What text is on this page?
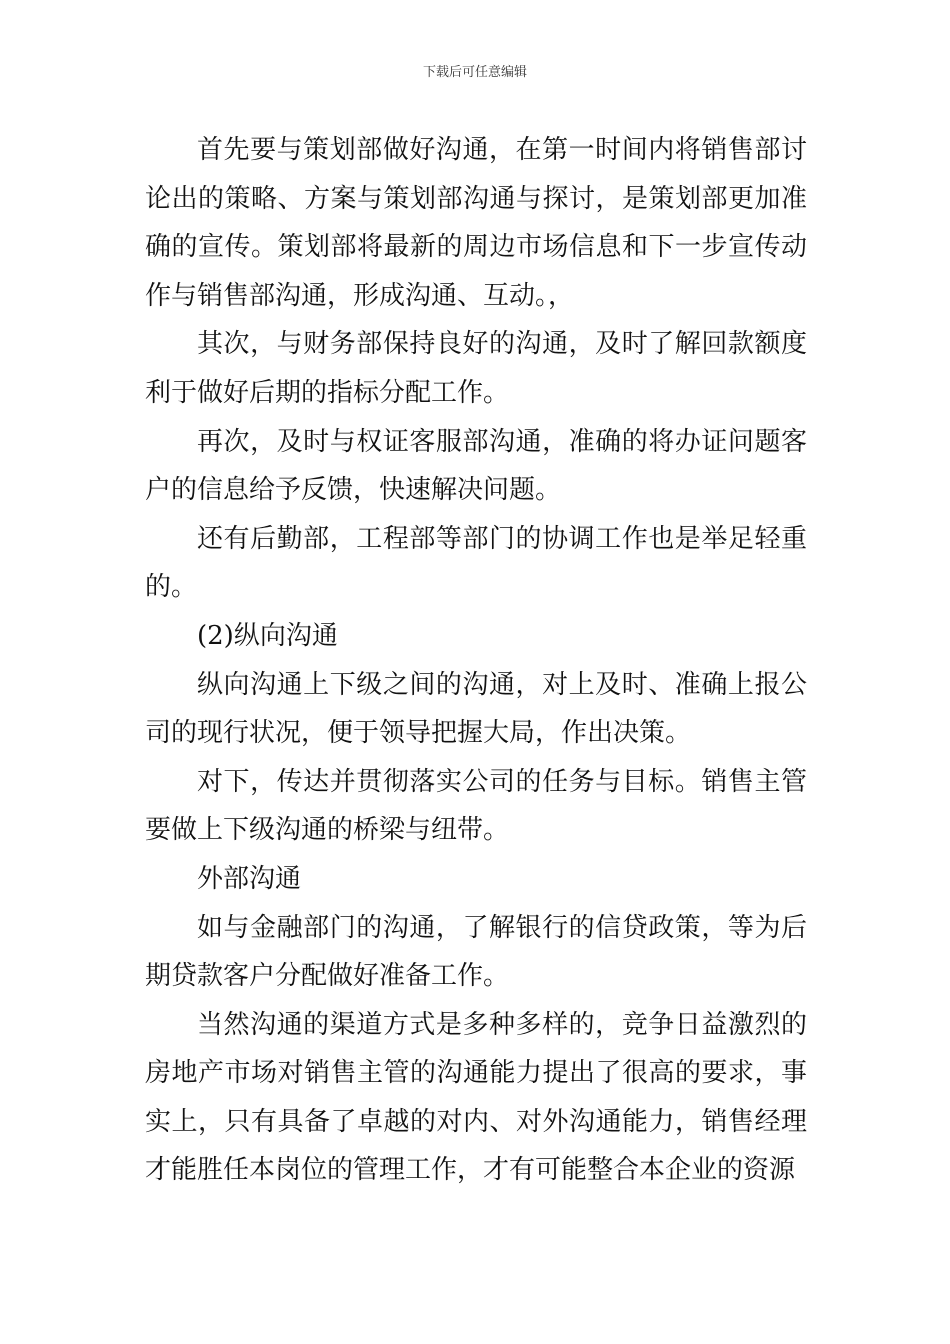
下载后可任意编辑

首先要与策划部做好沟通，在第一时间内将销售部讨论出的策略、方案与策划部沟通与探讨，是策划部更加准确的宣传。策划部将最新的周边市场信息和下一步宣传动作与销售部沟通，形成沟通、互动。，

其次，与财务部保持良好的沟通，及时了解回款额度利于做好后期的指标分配工作。

再次，及时与权证客服部沟通，准确的将办证问题客户的信息给予反馈，快速解决问题。

还有后勤部，工程部等部门的协调工作也是举足轻重的。

(2)纵向沟通

纵向沟通上下级之间的沟通，对上及时、准确上报公司的现行状况，便于领导把握大局，作出决策。

对下，传达并贯彻落实公司的任务与目标。销售主管要做上下级沟通的桥梁与纽带。

外部沟通

如与金融部门的沟通，了解银行的信贷政策，等为后期贷款客户分配做好准备工作。

当然沟通的渠道方式是多种多样的，竞争日益激烈的房地产市场对销售主管的沟通能力提出了很高的要求，事实上，只有具备了卓越的对内、对外沟通能力，销售经理才能胜任本岗位的管理工作，才有可能整合本企业的资源
